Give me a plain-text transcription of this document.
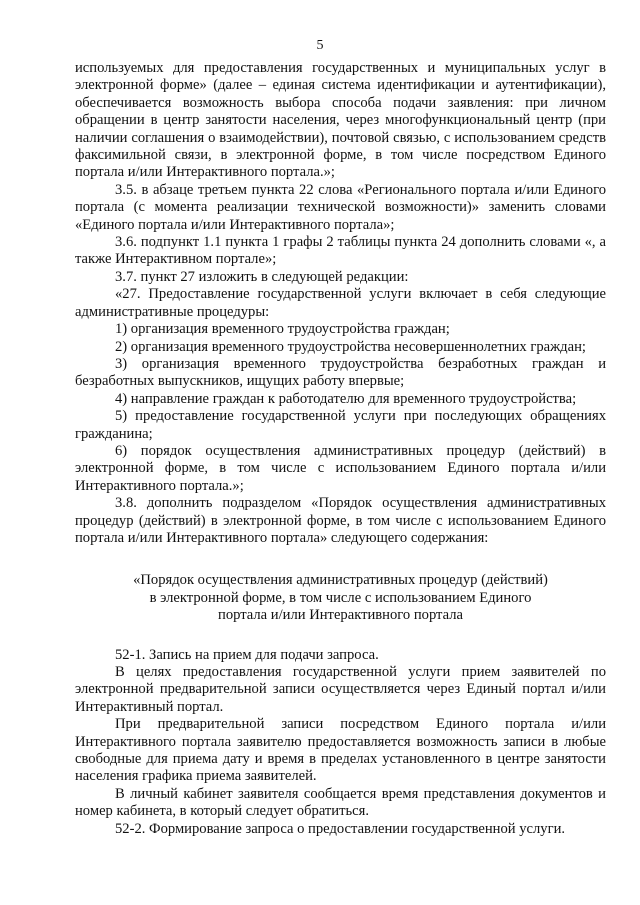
5

используемых для предоставления государственных и муниципальных услуг в электронной форме» (далее – единая система идентификации и аутентификации), обеспечивается возможность выбора способа подачи заявления: при личном обращении в центр занятости населения, через многофункциональный центр (при наличии соглашения о взаимодействии), почтовой связью, с использованием средств факсимильной связи, в электронной форме, в том числе посредством Единого портала и/или Интерактивного портала.»;

3.5. в абзаце третьем пункта 22 слова «Регионального портала и/или Единого портала (с момента реализации технической возможности)» заменить словами «Единого портала и/или Интерактивного портала»;

3.6. подпункт 1.1 пункта 1 графы 2 таблицы пункта 24 дополнить словами «, а также Интерактивном портале»;

3.7. пункт 27 изложить в следующей редакции:

«27. Предоставление государственной услуги включает в себя следующие административные процедуры:

1) организация временного трудоустройства граждан;

2) организация временного трудоустройства несовершеннолетних граждан;

3) организация временного трудоустройства безработных граждан и безработных выпускников, ищущих работу впервые;

4) направление граждан к работодателю для временного трудоустройства;

5) предоставление государственной услуги при последующих обращениях гражданина;

6) порядок осуществления административных процедур (действий) в электронной форме, в том числе с использованием Единого портала и/или Интерактивного портала.»;

3.8. дополнить подразделом «Порядок осуществления административных процедур (действий) в электронной форме, в том числе с использованием Единого портала и/или Интерактивного портала» следующего содержания:

«Порядок осуществления административных процедур (действий)
в электронной форме, в том числе с использованием Единого
портала и/или Интерактивного портала

52-1. Запись на прием для подачи запроса.

В целях предоставления государственной услуги прием заявителей по электронной предварительной записи осуществляется через Единый портал и/или Интерактивный портал.

При предварительной записи посредством Единого портала и/или Интерактивного портала заявителю предоставляется возможность записи в любые свободные для приема дату и время в пределах установленного в центре занятости населения графика приема заявителей.

В личный кабинет заявителя сообщается время представления документов и номер кабинета, в который следует обратиться.

52-2. Формирование запроса о предоставлении государственной услуги.
